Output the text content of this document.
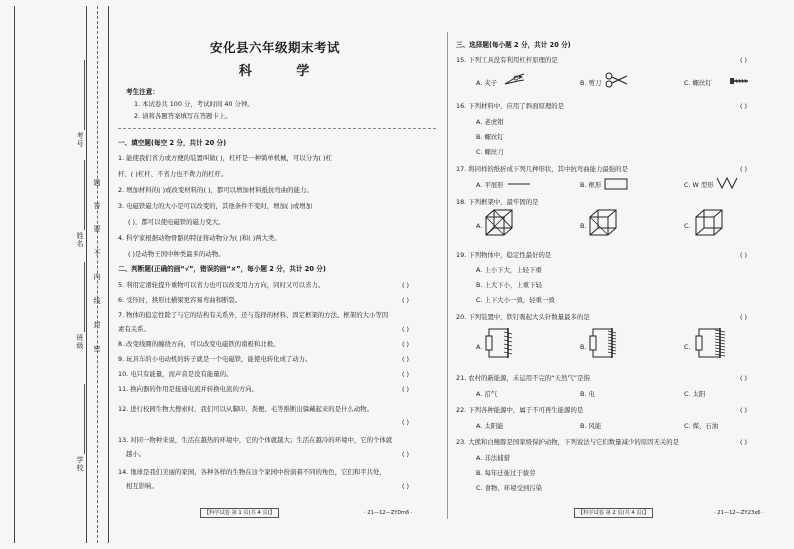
考号
姓名
班级
学校
题
答
要
不
内
线
封
密
安化县六年级期末考试
科 学
考生注意：
1. 本试卷共 100 分，考试时间 40 分钟。
2. 请将各题答案填写在答题卡上。
一、填空题(每空 2 分，共计 20 分)
1. 能使我们省力或方便的装置叫做( )，杠杆是一种简单机械，可以分为( )杠
杆、( )杠杆、不省力也不费力的杠杆。
2. 增加材料的( )或改变材料的( )，都可以增加材料抵抗弯曲的能力。
3. 电磁铁磁力的大小是可以改变的，其他条件不变时，增加( )或增加
( )，都可以使电磁铁的磁力变大。
4. 科学家根据动物骨骼的特征将动物分为( )和( )两大类。
( )是动物王国中种类最多的动物。
二、判断题(正确的画“√”，错误的画“×”，每小题 2 分，共计 20 分)
5. 利用定滑轮提升重物可以省力也可以改变用力方向，同时又可以省力。	( )
6. 受压时，拱形比横梁更容易弯曲和断裂。	( )
7. 物体的稳定性除了与它的结构有关系外，还与选择的材料、固定框架的方法、框架的大小等因
素有关系。	( )
8. 改变线圈的缠绕方向，可以改变电磁铁的南极和北极。	( )
9. 玩具车的小电动机的转子就是一个电磁铁，能使电转化成了动力。	( )
10. 电只有能量，而声音是没有能量的。	( )
11. 换向器的作用是接通电流并转换电流的方向。	( )
12. 进行校园生物大搜索时，我们可以从脚印、粪便、毛等推断出躲藏起来的是什么动物。
( )
13. 对同一物种来说，生活在越热的环境中，它的个体就越大；生活在越冷的环境中，它的个体就
越小。	( )
14. 地球是我们美丽的家园，各种各样的生物在这个家园中扮演着不同的角色，它们和平共处，
相互影响。	( )
【科学试卷 第 1 页(共 4 页)】	· 21—12—ZY0m6 ·
三、选择题(每小题 2 分，共计 20 分)
15. 下列工具没有利用杠杆原理的是	( )
A. 夹子	B. 剪刀	C. 螺丝钉
16. 下列材料中，应用了斜面原理的是	( )
A. 老虎钳
B. 螺丝钉
C. 螺丝刀
17. 将同样的纸折成下列几种形状，其中抗弯曲能力最强的是	( )
A. 平展形	B. 框形	C. W 型形
18. 下列框架中，最牢固的是
A.	B.	C.
19. 下列物体中，稳定性最好的是	( )
A. 上小下大，上轻下重
B. 上大下小，上重下轻
C. 上下大小一致，轻重一致
20. 下列装置中，铁钉吸起大头针数量最多的是	( )
A.	B.	C.
21. 农村的新能源，未运用不完的“天然气”是指	( )
A. 沼气	B. 电	C. 太阳
22. 下列各种能源中，属于不可再生能源的是	( )
A. 太阳能	B. 风能	C. 煤、石油
23. 大熊和白鳍豚是国家级保护动物，下列说法与它们数量减少的原因无关的是	( )
A. 非法捕猎
B. 每年迁徙过于拔劳
C. 食物、环境受到污染
【科学试卷 第 2 页(共 4 页)】	· 21—12—ZY23x6 ·
